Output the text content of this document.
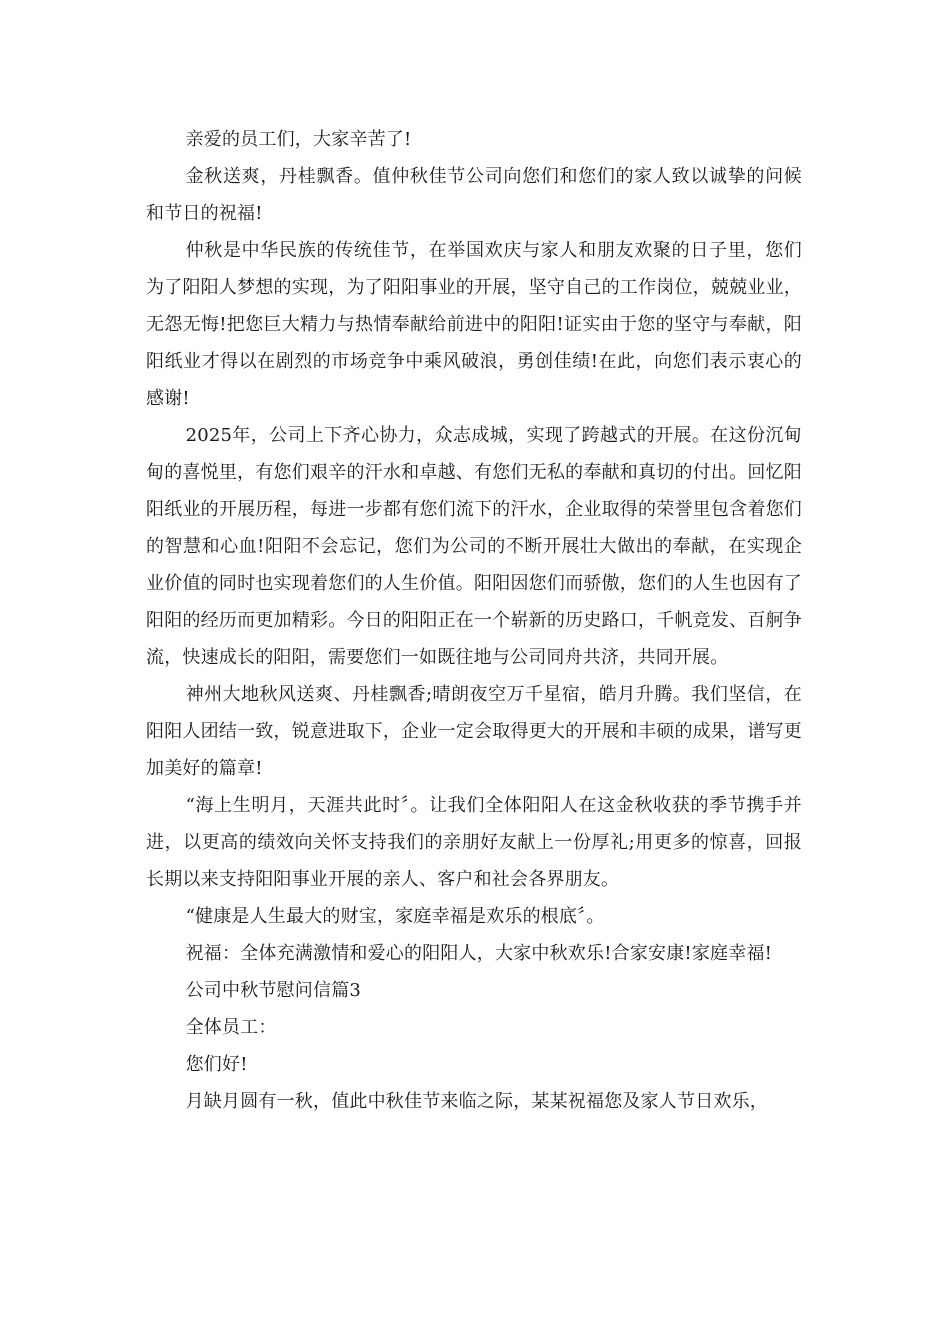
亲爱的员工们，大家辛苦了!

金秋送爽，丹桂飘香。值仲秋佳节公司向您们和您们的家人致以诚挚的问候和节日的祝福!

仲秋是中华民族的传统佳节，在举国欢庆与家人和朋友欢聚的日子里，您们为了阳阳人梦想的实现，为了阳阳事业的开展，坚守自己的工作岗位，兢兢业业，无怨无悔!把您巨大精力与热情奉献给前进中的阳阳!证实由于您的坚守与奉献，阳阳纸业才得以在剧烈的市场竞争中乘风破浪，勇创佳绩!在此，向您们表示衷心的感谢!

2025年，公司上下齐心协力，众志成城，实现了跨越式的开展。在这份沉甸甸的喜悦里，有您们艰辛的汗水和卓越、有您们无私的奉献和真切的付出。回忆阳阳纸业的开展历程，每进一步都有您们流下的汗水，企业取得的荣誉里包含着您们的智慧和心血!阳阳不会忘记，您们为公司的不断开展壮大做出的奉献，在实现企业价值的同时也实现着您们的人生价值。阳阳因您们而骄傲，您们的人生也因有了阳阳的经历而更加精彩。今日的阳阳正在一个崭新的历史路口，千帆竞发、百舸争流，快速成长的阳阳，需要您们一如既往地与公司同舟共济，共同开展。

神州大地秋风送爽、丹桂飘香;晴朗夜空万千星宿，皓月升腾。我们坚信，在阳阳人团结一致，锐意进取下，企业一定会取得更大的开展和丰硕的成果，谱写更加美好的篇章!

“海上生明月，天涯共此时〞。让我们全体阳阳人在这金秋收获的季节携手并进，以更高的绩效向关怀支持我们的亲朋好友献上一份厚礼;用更多的惊喜，回报长期以来支持阳阳事业开展的亲人、客户和社会各界朋友。

“健康是人生最大的财宝，家庭幸福是欢乐的根底〞。

祝福：全体充满激情和爱心的阳阳人，大家中秋欢乐!合家安康!家庭幸福!

公司中秋节慰问信篇3

全体员工：

您们好!

月缺月圆有一秋，值此中秋佳节来临之际，某某祝福您及家人节日欢乐，
